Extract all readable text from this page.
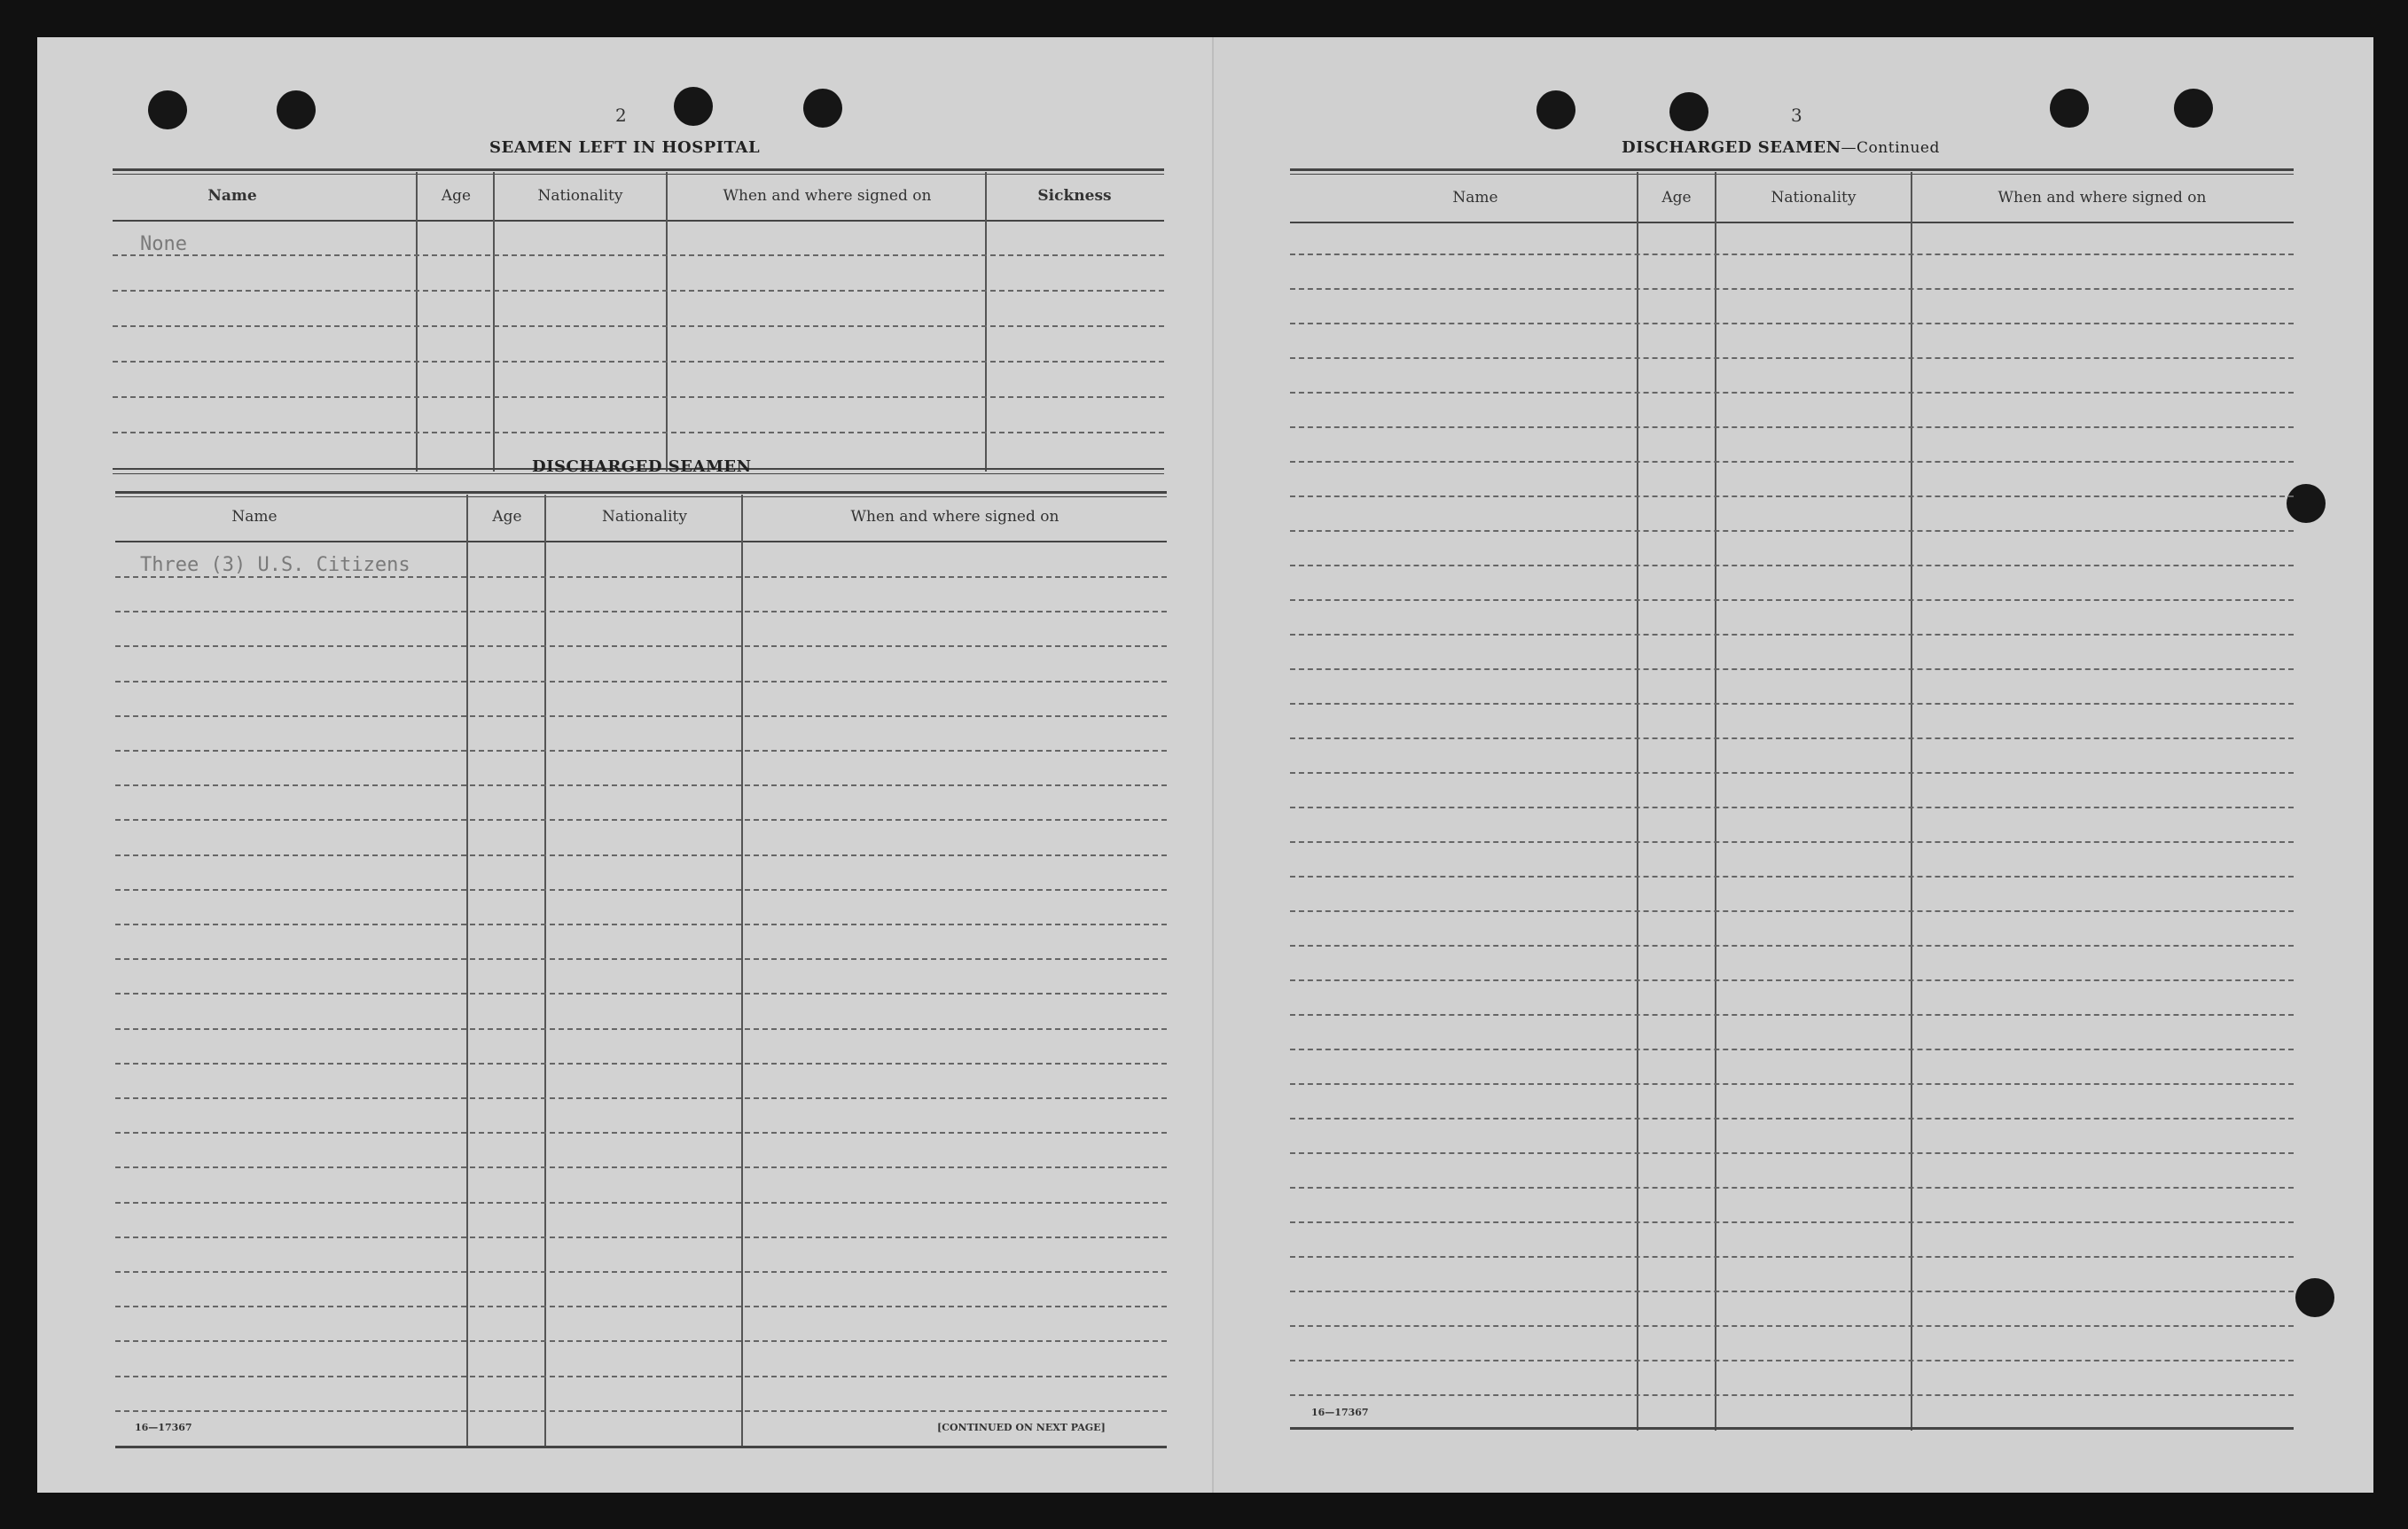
2
SEAMEN LEFT IN HOSPITAL
Name	Age	Nationality	When and where signed on	Sickness
None
DISCHARGED SEAMEN
Name	Age	Nationality	When and where signed on
Three (3) U.S. Citizens
16—17367	[CONTINUED ON NEXT PAGE]
3
DISCHARGED SEAMEN—Continued
Name	Age	Nationality	When and where signed on
16—17367
